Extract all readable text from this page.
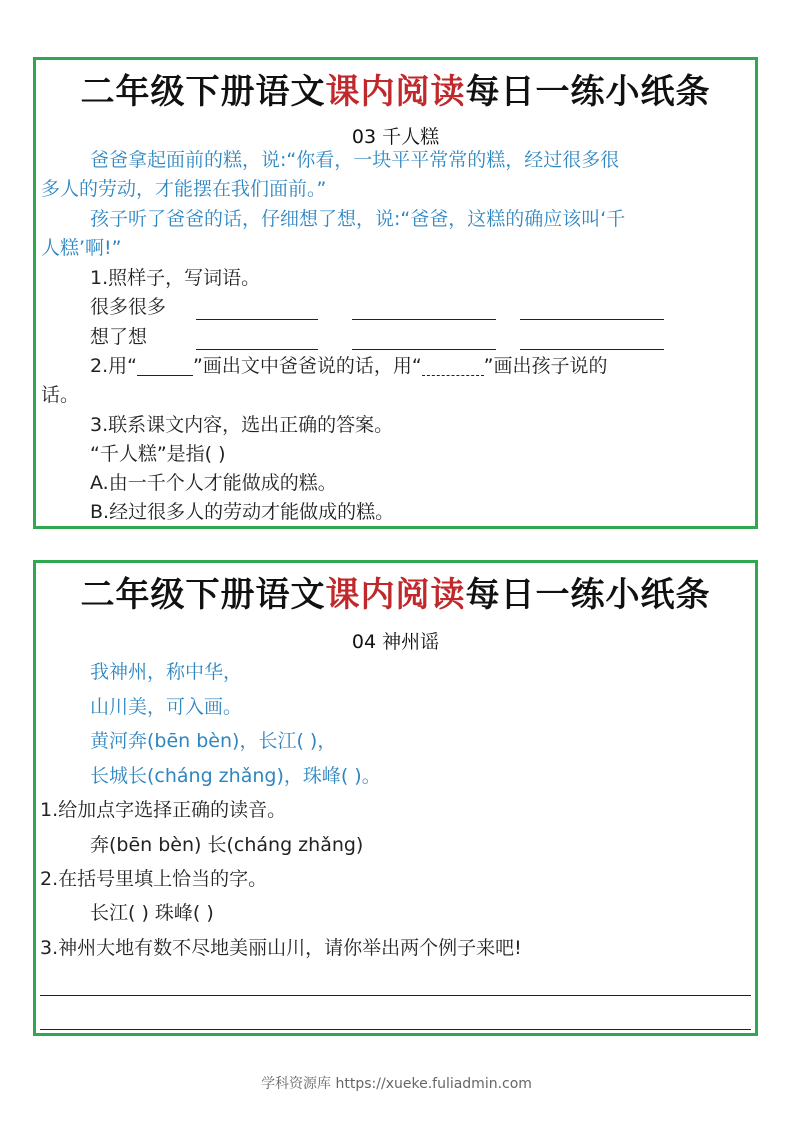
二年级下册语文课内阅读每日一练小纸条
03 千人糕
爸爸拿起面前的糕，说:“你看，一块平平常常的糕，经过很多很
多人的劳动，才能摆在我们面前。”
孩子听了爸爸的话，仔细想了想，说:“爸爸，这糕的确应该叫‘千
人糕’啊!”
1.照样子，写词语。
很多很多
想了想
2.用“	”画出文中爸爸说的话，用“	”画出孩子说的
话。
3.联系课文内容，选出正确的答案。
“千人糕”是指( )
A.由一千个人才能做成的糕。
B.经过很多人的劳动才能做成的糕。
二年级下册语文课内阅读每日一练小纸条
04 神州谣
我神州，称中华，
山川美，可入画。
黄河奔(bēn bèn)，长江( )，
长城长(cháng zhǎng)，珠峰( )。
1.给加点字选择正确的读音。
奔(bēn bèn) 长(cháng zhǎng)
2.在括号里填上恰当的字。
长江( ) 珠峰( )
3.神州大地有数不尽地美丽山川，请你举出两个例子来吧!
学科资源库 https://xueke.fuliadmin.com
